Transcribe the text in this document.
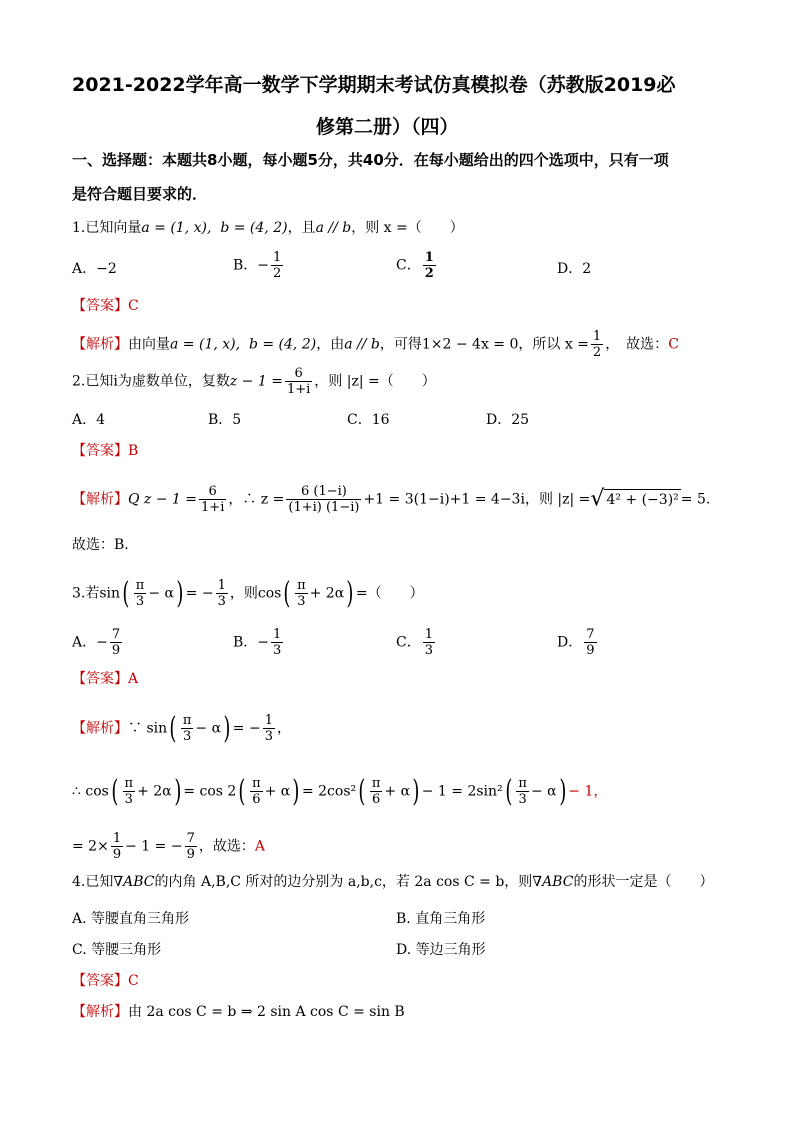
2021-2022学年高一数学下学期期末考试仿真模拟卷（苏教版2019必
修第二册）（四）
一、选择题：本题共8小题，每小题5分，共40分．在每小题给出的四个选项中，只有一项
是符合题目要求的．
1.已知向量a = (1, x), b = (4, 2)，且a // b，则 x =（　　）
A．−2	B．− $\frac{1}{2}$	C． $\frac{1}{2}$	D．2
【答案】C
【解析】由向量a = (1, x), b = (4, 2)，由a // b，可得1×2 − 4x = 0，所以 $x = \frac{1}{2}$ ，　故选：C
2.已知i为虚数单位，复数$z - 1 = \frac{6}{1+i}$ ，则 |z| =（　　）
A．4	B．5	C．16	D．25
【答案】B
【解析】Q $z - 1 = \frac{6}{1+i}$ ，∴ $z = \frac{6 (1-i)}{(1+i) (1-i)} +1 = 3(1-i)+1 = 4-3i$，则 |z| =√ 4² + (−3)² = 5.
故选：B.
3.若$\sin( \frac{\pi}{3} - \alpha)$ = − $\frac{1}{3}$ ，则$\cos( \frac{\pi}{3} + 2\alpha)$ =（　　）
A．− $\frac{7}{9}$	B．− $\frac{1}{3}$	C． $\frac{1}{3}$	D． $\frac{7}{9}$
【答案】A
【解析】∵ $\sin( \frac{\pi}{3} - \alpha)$ = − $\frac{1}{3}$ ，
∴ $\cos( \frac{\pi}{3} + 2\alpha) = \cos 2( \frac{\pi}{6} + \alpha) = 2\cos^2( \frac{\pi}{6} + \alpha) - 1 = 2\sin^2( \frac{\pi}{3} - \alpha) - 1$，
= $2\times \frac{1}{9} - 1$ = − $\frac{7}{9}$ ，故选：A
4.已知∇ABC的内角 A,B,C 所对的边分别为 a,b,c，若 2a cos C = b，则∇ABC的形状一定是（　　）
A. 等腰直角三角形	B. 直角三角形
C. 等腰三角形	D. 等边三角形
【答案】C
【解析】由 2a cos C = b ⇒ 2 sin A cos C = sin B
